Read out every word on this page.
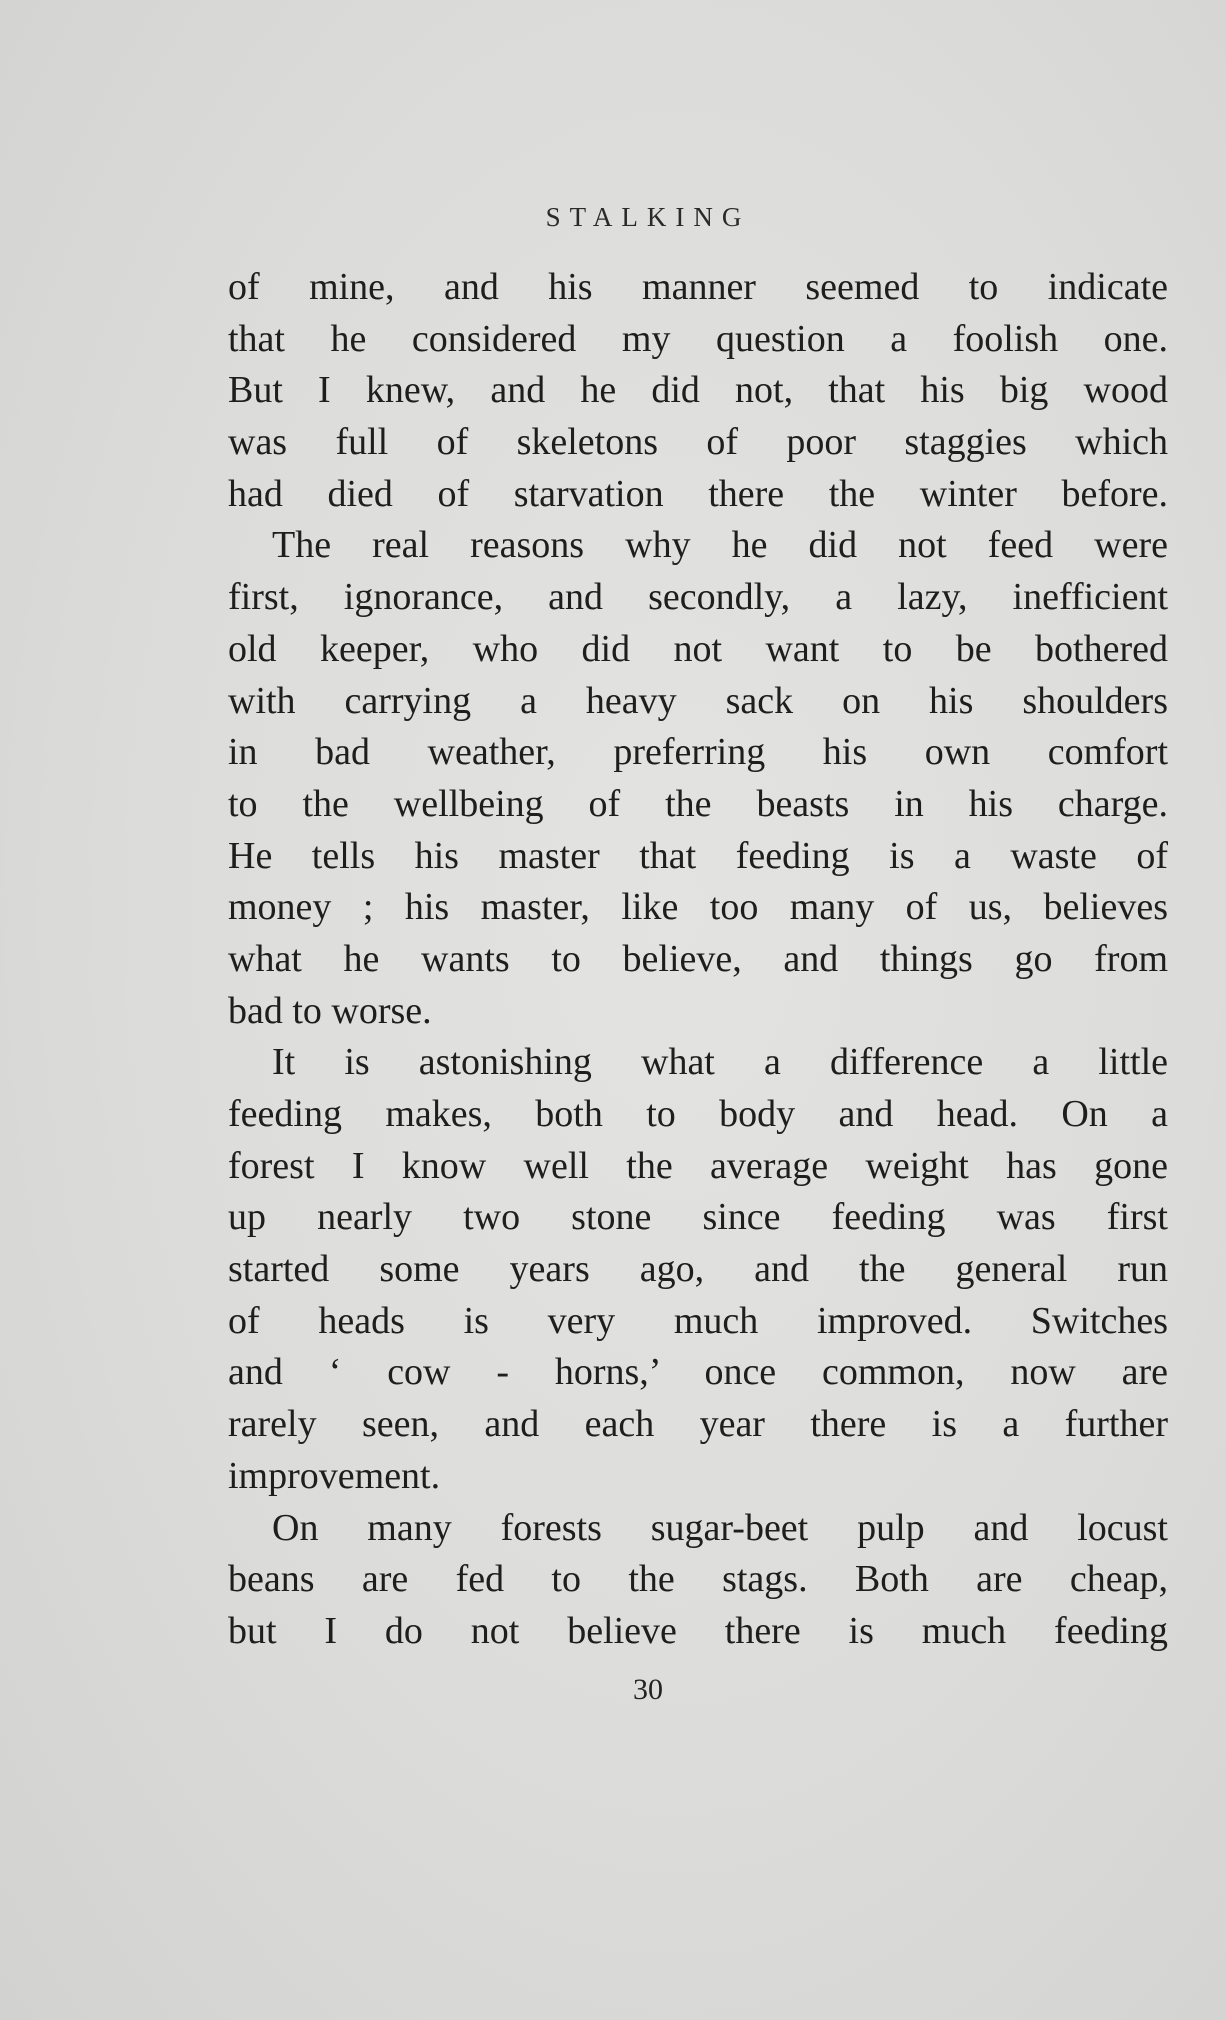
STALKING
of mine, and his manner seemed to indicate
that he considered my question a foolish one.
But I knew, and he did not, that his big wood
was full of skeletons of poor staggies which
had died of starvation there the winter before.
The real reasons why he did not feed were
first, ignorance, and secondly, a lazy, inefficient
old keeper, who did not want to be bothered
with carrying a heavy sack on his shoulders
in bad weather, preferring his own comfort
to the wellbeing of the beasts in his charge.
He tells his master that feeding is a waste of
money ; his master, like too many of us, believes
what he wants to believe, and things go from
bad to worse.
It is astonishing what a difference a little
feeding makes, both to body and head. On a
forest I know well the average weight has gone
up nearly two stone since feeding was first
started some years ago, and the general run
of heads is very much improved. Switches
and ‘ cow - horns,’ once common, now are
rarely seen, and each year there is a further
improvement.
On many forests sugar-beet pulp and locust
beans are fed to the stags. Both are cheap,
but I do not believe there is much feeding
30
